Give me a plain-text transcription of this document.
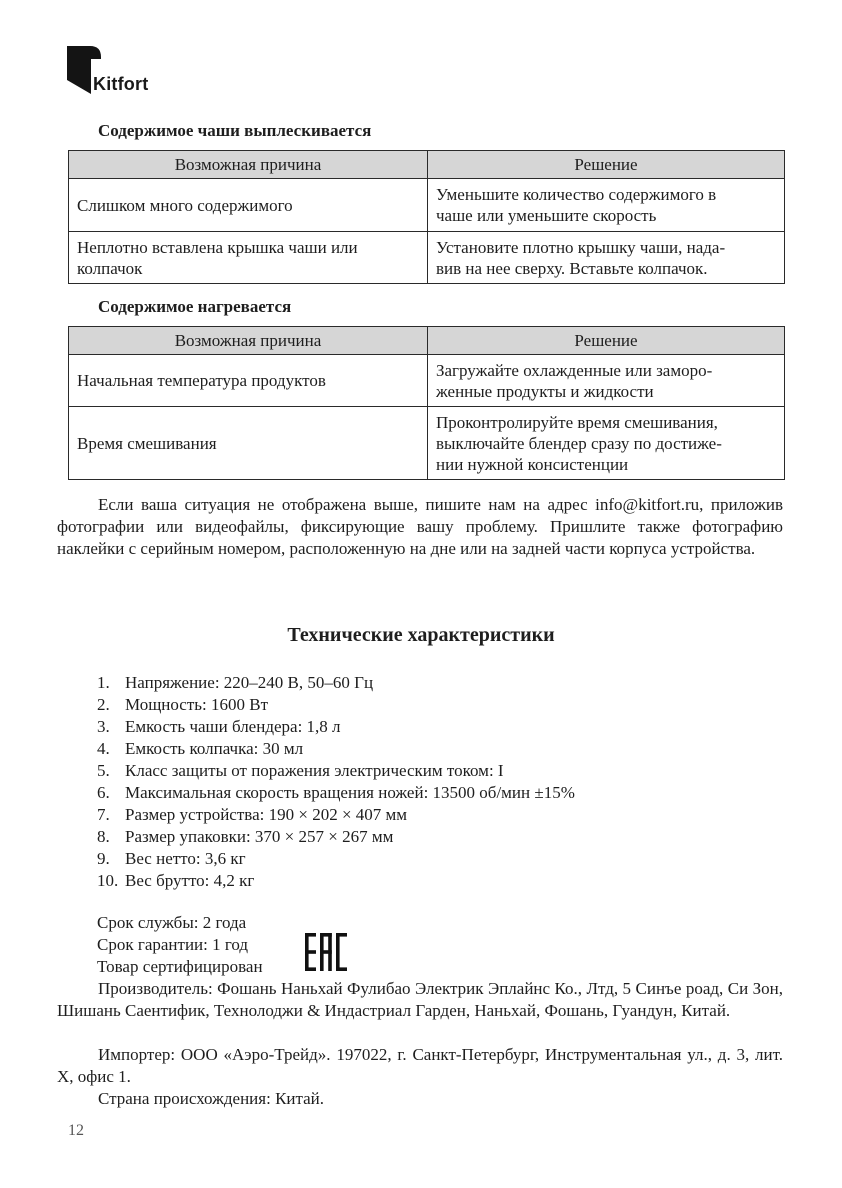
Kitfort
Содержимое чаши выплескивается
Возможная причина	Решение
Слишком много содержимого	Уменьшите количество содержимого в
чаше или уменьшите скорость
Неплотно вставлена крышка чаши или
колпачок	Установите плотно крышку чаши, нада-
вив на нее сверху. Вставьте колпачок.
Содержимое нагревается
Возможная причина	Решение
Начальная температура продуктов	Загружайте охлажденные или заморо-
женные продукты и жидкости
Время смешивания	Проконтролируйте время смешивания,
выключайте блендер сразу по достиже-
нии нужной консистенции
Если ваша ситуация не отображена выше, пишите нам на адрес info@kitfort.ru, приложив фотографии или видеофайлы, фиксирующие вашу проблему. Пришлите также фотографию наклейки с серийным номером, расположенную на дне или на задней части корпуса устройства.
Технические характеристики
1. Напряжение: 220–240 В, 50–60 Гц
2. Мощность: 1600 Вт
3. Емкость чаши блендера: 1,8 л
4. Емкость колпачка: 30 мл
5. Класс защиты от поражения электрическим током: I
6. Максимальная скорость вращения ножей: 13500 об/мин ±15%
7. Размер устройства: 190 × 202 × 407 мм
8. Размер упаковки: 370 × 257 × 267 мм
9. Вес нетто: 3,6 кг
10. Вес брутто: 4,2 кг
Срок службы: 2 года
Срок гарантии: 1 год
Товар сертифицирован
Производитель: Фошань Наньхай Фулибао Электрик Эплайнс Ко., Лтд, 5 Синъе роад, Си Зон, Шишань Саентифик, Технолоджи & Индастриал Гарден, Наньхай, Фошань, Гуандун, Китай.
Импортер: ООО «Аэро-Трейд». 197022, г. Санкт-Петербург, Инструментальная ул., д. 3, лит. X, офис 1.
Страна происхождения: Китай.
12
